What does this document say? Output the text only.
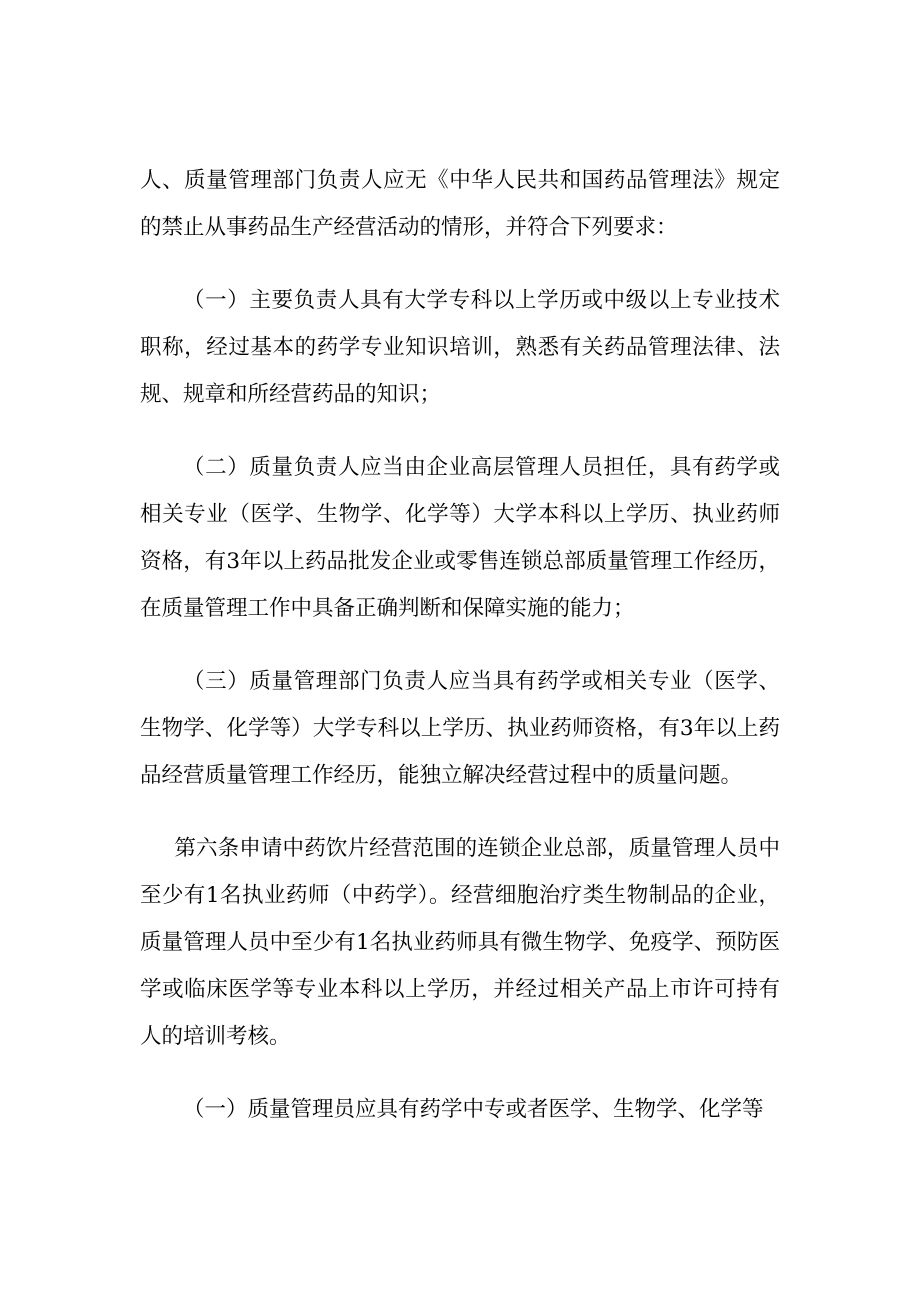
人、质量管理部门负责人应无《中华人民共和国药品管理法》规定的禁止从事药品生产经营活动的情形，并符合下列要求：

（一）主要负责人具有大学专科以上学历或中级以上专业技术职称，经过基本的药学专业知识培训，熟悉有关药品管理法律、法规、规章和所经营药品的知识；

（二）质量负责人应当由企业高层管理人员担任，具有药学或相关专业（医学、生物学、化学等）大学本科以上学历、执业药师资格，有3年以上药品批发企业或零售连锁总部质量管理工作经历，在质量管理工作中具备正确判断和保障实施的能力；

（三）质量管理部门负责人应当具有药学或相关专业（医学、生物学、化学等）大学专科以上学历、执业药师资格，有3年以上药品经营质量管理工作经历，能独立解决经营过程中的质量问题。

第六条申请中药饮片经营范围的连锁企业总部，质量管理人员中至少有1名执业药师（中药学）。经营细胞治疗类生物制品的企业，质量管理人员中至少有1名执业药师具有微生物学、免疫学、预防医学或临床医学等专业本科以上学历，并经过相关产品上市许可持有人的培训考核。

（一）质量管理员应具有药学中专或者医学、生物学、化学等
